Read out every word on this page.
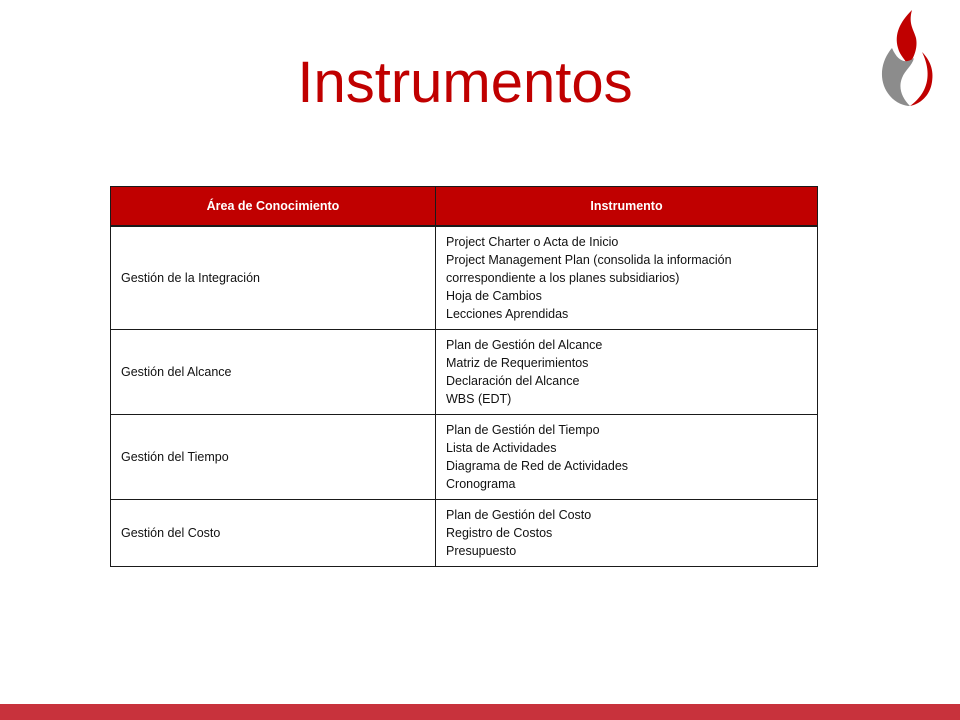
Instrumentos
Área de Conocimiento	Instrumento
Gestión de la Integración	Project Charter o Acta de Inicio
Project Management Plan (consolida la información
correspondiente a los planes subsidiarios)
Hoja de Cambios
Lecciones Aprendidas

Gestión del Alcance	Plan de Gestión del Alcance
Matriz de Requerimientos
Declaración del Alcance
WBS (EDT)

Gestión del Tiempo	Plan de Gestión del Tiempo
Lista de Actividades
Diagrama de Red de Actividades
Cronograma

Gestión del Costo	Plan de Gestión del Costo
Registro de Costos
Presupuesto
